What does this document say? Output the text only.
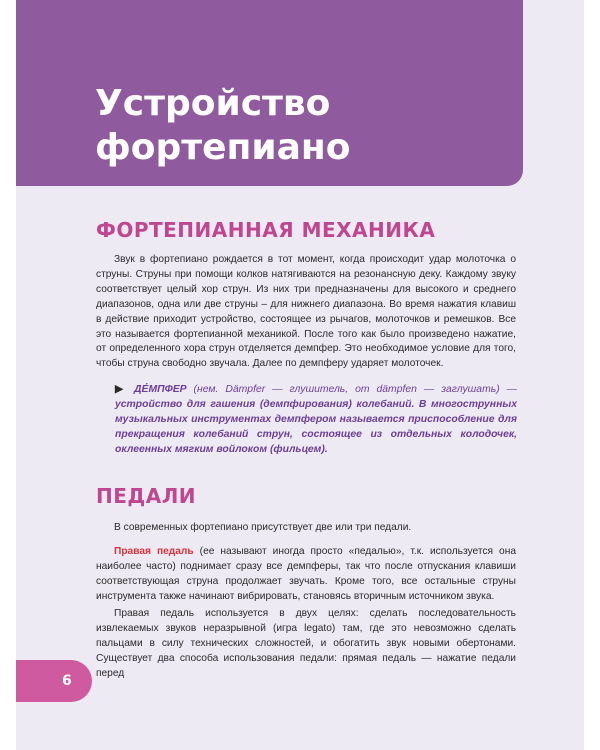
Устройство
фортепиано
ФОРТЕПИАННАЯ МЕХАНИКА

Звук в фортепиано рождается в тот момент, когда происходит удар молоточка о струны. Струны при помощи колков натягиваются на резонансную деку. Каждому звуку соответствует целый хор струн. Из них три предназначены для высокого и среднего диапазонов, одна или две струны – для нижнего диапазона. Во время нажатия клавиш в действие приходит устройство, состоящее из рычагов, молоточков и ремешков. Все это называется фортепианной механикой. После того как было произведено нажатие, от определенного хора струн отделяется демпфер. Это необходимое условие для того, чтобы струна свободно звучала. Далее по демпферу ударяет молоточек.

▶ ДЕ́МПФЕР (нем. Dämpfer — глушитель, от dämpfen — заглушать) — устройство для гашения (демпфирования) колебаний. В многострунных музыкальных инструментах демпфером называется приспособление для прекращения колебаний струн, состоящее из отдельных колодочек, оклеенных мягким войлоком (фильцем).

ПЕДАЛИ

В современных фортепиано присутствует две или три педали.

Правая педаль (ее называют иногда просто «педалью», т.к. используется она наиболее часто) поднимает сразу все демпферы, так что после отпускания клавиши соответствующая струна продолжает звучать. Кроме того, все остальные струны инструмента также начинают вибрировать, становясь вторичным источником звука.

Правая педаль используется в двух целях: сделать последовательность извлекаемых звуков неразрывной (игра legato) там, где это невозможно сделать пальцами в силу технических сложностей, и обогатить звук новыми обертонами. Существует два способа использования педали: прямая педаль — нажатие педали перед

6
